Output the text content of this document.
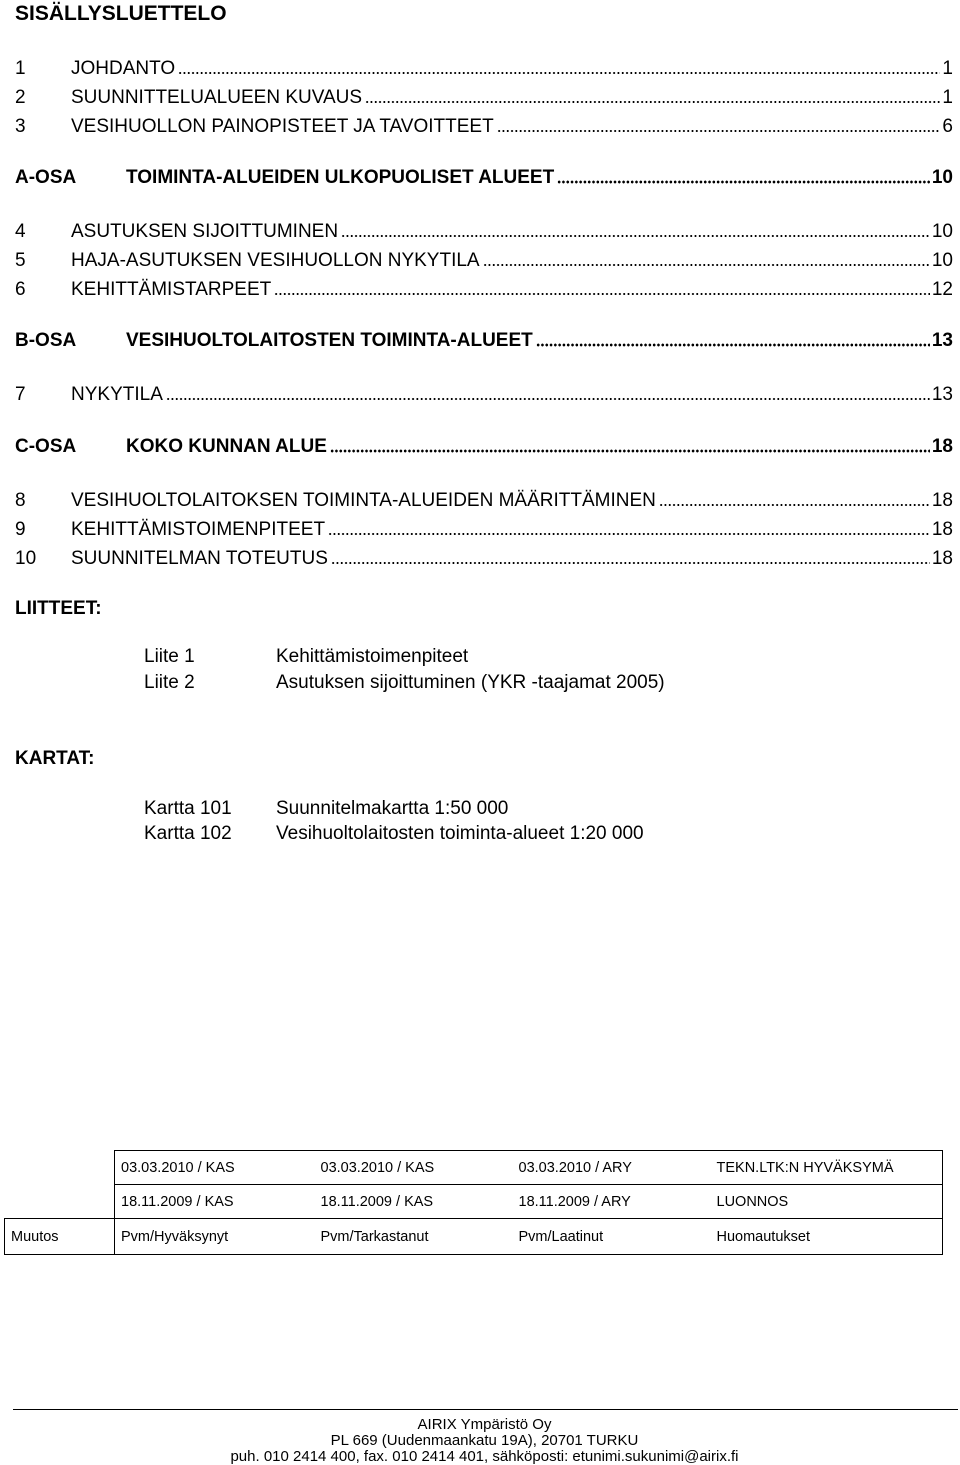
SISÄLLYSLUETTELO
1	JOHDANTO	1
2	SUUNNITTELUALUEEN KUVAUS	1
3	VESIHUOLLON PAINOPISTEET JA TAVOITTEET	6
A-OSA	TOIMINTA-ALUEIDEN ULKOPUOLISET ALUEET	10
4	ASUTUKSEN SIJOITTUMINEN	10
5	HAJA-ASUTUKSEN VESIHUOLLON NYKYTILA	10
6	KEHITTÄMISTARPEET	12
B-OSA	VESIHUOLTOLAITOSTEN TOIMINTA-ALUEET	13
7	NYKYTILA	13
C-OSA	KOKO KUNNAN ALUE	18
8	VESIHUOLTOLAITOKSEN TOIMINTA-ALUEIDEN MÄÄRITTÄMINEN	18
9	KEHITTÄMISTOIMENPITEET	18
10	SUUNNITELMAN TOTEUTUS	18
LIITTEET:
Liite 1	Kehittämistoimenpiteet
Liite 2	Asutuksen sijoittuminen (YKR -taajamat 2005)
KARTAT:
Kartta 101 Suunnitelmakartta 1:50 000
Kartta 102 Vesihuoltolaitosten toiminta-alueet 1:20 000
	03.03.2010 / KAS	03.03.2010 / KAS	03.03.2010 / ARY	TEKN.LTK:N HYVÄKSYMÄ
	18.11.2009 / KAS	18.11.2009 / KAS	18.11.2009 / ARY	LUONNOS
Muutos	Pvm/Hyväksynyt	Pvm/Tarkastanut	Pvm/Laatinut	Huomautukset
AIRIX Ympäristö Oy
PL 669 (Uudenmaankatu 19A), 20701 TURKU
puh. 010 2414 400, fax. 010 2414 401, sähköposti: etunimi.sukunimi@airix.fi
